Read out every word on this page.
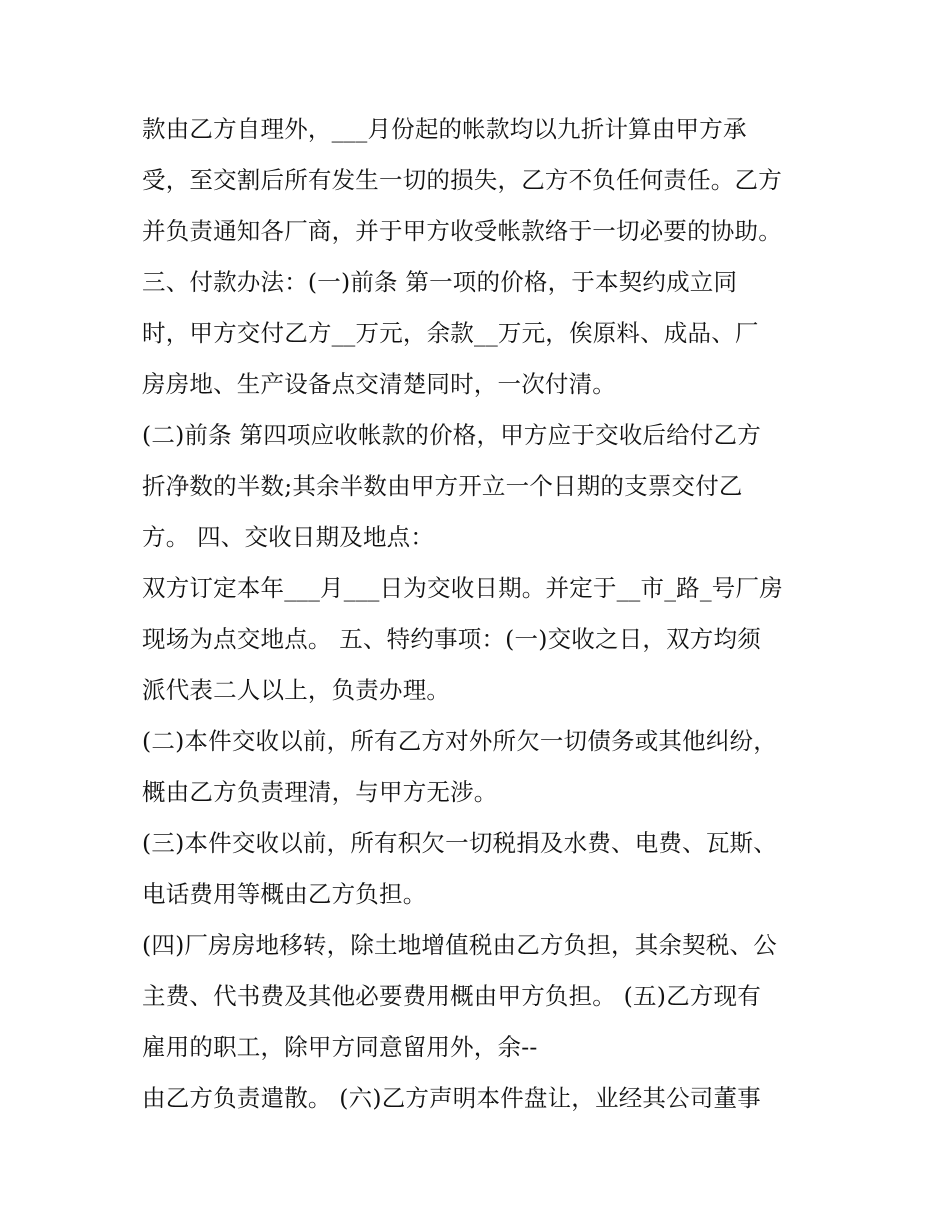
款由乙方自理外，___月份起的帐款均以九折计算由甲方承
受，至交割后所有发生一切的损失，乙方不负任何责任。乙方
并负责通知各厂商，并于甲方收受帐款络于一切必要的协助。
三、付款办法：(一)前条 第一项的价格，于本契约成立同
时，甲方交付乙方__万元，余款__万元，俟原料、成品、厂
房房地、生产设备点交清楚同时，一次付清。
(二)前条 第四项应收帐款的价格，甲方应于交收后给付乙方
折净数的半数;其余半数由甲方开立一个日期的支票交付乙
方。 四、交收日期及地点：
双方订定本年___月___日为交收日期。并定于__市_路_号厂房
现场为点交地点。 五、特约事项：(一)交收之日，双方均须
派代表二人以上，负责办理。
(二)本件交收以前，所有乙方对外所欠一切债务或其他纠纷，
概由乙方负责理清，与甲方无涉。
(三)本件交收以前，所有积欠一切税捐及水费、电费、瓦斯、
电话费用等概由乙方负担。
(四)厂房房地移转，除土地增值税由乙方负担，其余契税、公
主费、代书费及其他必要费用概由甲方负担。 (五)乙方现有
雇用的职工，除甲方同意留用外，余--
由乙方负责遣散。 (六)乙方声明本件盘让，业经其公司董事
